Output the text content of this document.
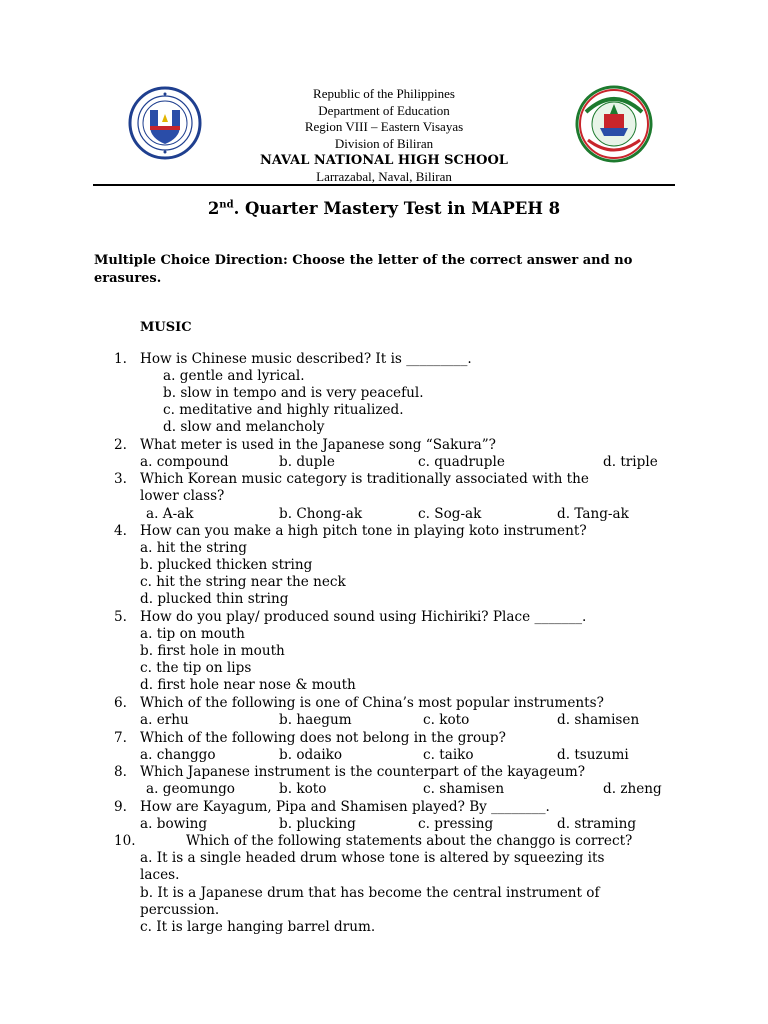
Republic of the Philippines
Department of Education
Region VIII – Eastern Visayas
Division of Biliran
NAVAL NATIONAL HIGH SCHOOL
Larrazabal, Naval, Biliran
2nd. Quarter Mastery Test in MAPEH 8
Multiple Choice Direction: Choose the letter of the correct answer and no erasures.
MUSIC
1. How is Chinese music described? It is _________.
a. gentle and lyrical.
b. slow in tempo and is very peaceful.
c. meditative and highly ritualized.
d. slow and melancholy
2. What meter is used in the Japanese song “Sakura”?
a. compound	b. duple	c. quadruple	d. triple
3. Which Korean music category is traditionally associated with the
lower class?
a. A-ak	b. Chong-ak	c. Sog-ak	d. Tang-ak
4. How can you make a high pitch tone in playing koto instrument?
a. hit the string
b. plucked thicken string
c. hit the string near the neck
d. plucked thin string
5. How do you play/ produced sound using Hichiriki? Place _______.
a. tip on mouth
b. first hole in mouth
c. the tip on lips
d. first hole near nose & mouth
6. Which of the following is one of China’s most popular instruments?
a. erhu	b. haegum	c. koto	d. shamisen
7. Which of the following does not belong in the group?
a. changgo	b. odaiko	c. taiko	d. tsuzumi
8. Which Japanese instrument is the counterpart of the kayageum?
a. geomungo	b. koto	c. shamisen	d. zheng
9. How are Kayagum, Pipa and Shamisen played? By ________.
a. bowing	b. plucking	c. pressing	d. straming
10.	Which of the following statements about the changgo is correct?
a. It is a single headed drum whose tone is altered by squeezing its
laces.
b. It is a Japanese drum that has become the central instrument of
percussion.
c. It is large hanging barrel drum.
